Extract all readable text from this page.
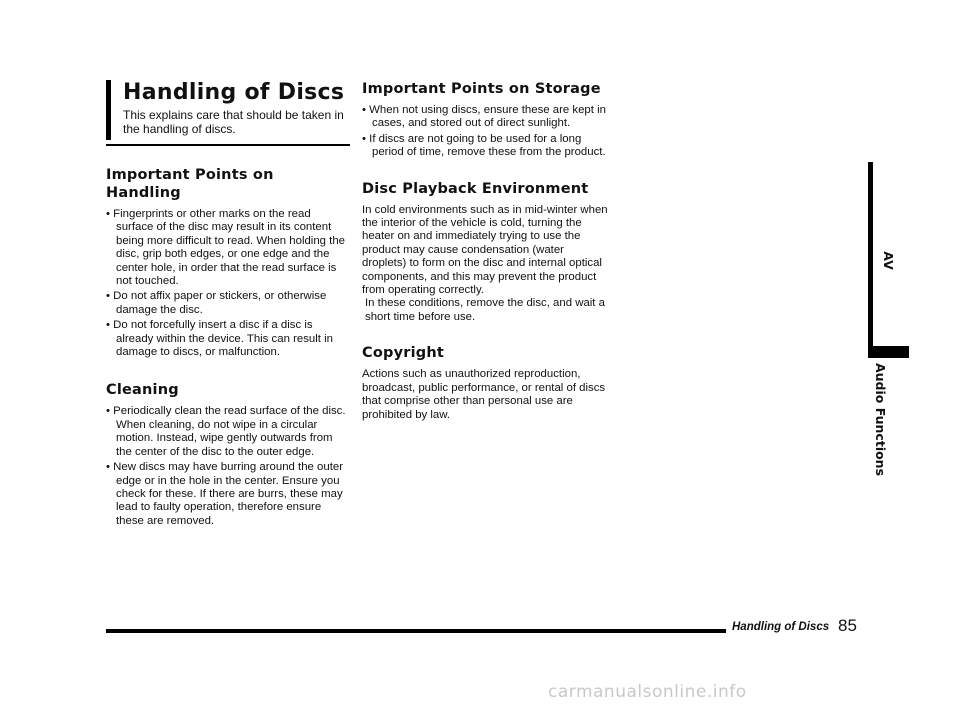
Handling of Discs

This explains care that should be taken in the handling of discs.

Important Points on Handling
• Fingerprints or other marks on the read surface of the disc may result in its content being more difficult to read. When holding the disc, grip both edges, or one edge and the center hole, in order that the read surface is not touched.
• Do not affix paper or stickers, or otherwise damage the disc.
• Do not forcefully insert a disc if a disc is already within the device. This can result in damage to discs, or malfunction.
Cleaning
• Periodically clean the read surface of the disc. When cleaning, do not wipe in a circular motion. Instead, wipe gently outwards from the center of the disc to the outer edge.
• New discs may have burring around the outer edge or in the hole in the center. Ensure you check for these. If there are burrs, these may lead to faulty operation, therefore ensure these are removed.
Important Points on Storage
• When not using discs, ensure these are kept in cases, and stored out of direct sunlight.
• If discs are not going to be used for a long period of time, remove these from the product.
Disc Playback Environment

In cold environments such as in mid-winter when the interior of the vehicle is cold, turning the heater on and immediately trying to use the product may cause condensation (water droplets) to form on the disc and internal optical components, and this may prevent the product from operating correctly.

In these conditions, remove the disc, and wait a short time before use.

Copyright

Actions such as unauthorized reproduction, broadcast, public performance, or rental of discs that comprise other than personal use are prohibited by law.

AV
Audio Functions
Handling of Discs 85
carmanualsonline.info
